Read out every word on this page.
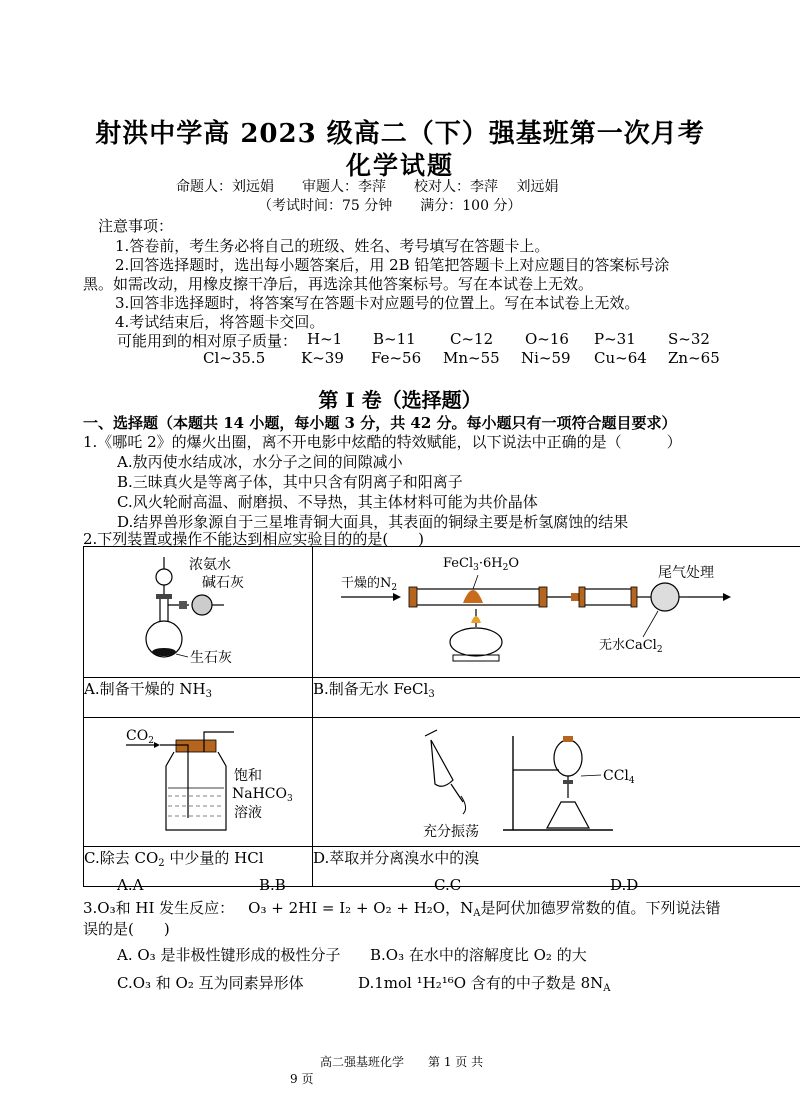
射洪中学高 2023 级高二（下）强基班第一次月考
化学试题
命题人：刘远娟　　审题人：李萍　　校对人：李萍　 刘远娟
（考试时间：75 分钟　　满分：100 分）
注意事项：
1.答卷前，考生务必将自己的班级、姓名、考号填写在答题卡上。
2.回答选择题时，选出每小题答案后，用 2B 铅笔把答题卡上对应题目的答案标号涂
黑。如需改动，用橡皮擦干净后，再选涂其他答案标号。写在本试卷上无效。
3.回答非选择题时，将答案写在答题卡对应题号的位置上。写在本试卷上无效。
4.考试结束后，将答题卡交回。
可能用到的相对原子质量： H~1 B~11 C~12 O~16 P~31 S~32
Cl~35.5 K~39 Fe~56 Mn~55 Ni~59 Cu~64 Zn~65
第 I 卷（选择题）
一、选择题（本题共 14 小题，每小题 3 分，共 42 分。每小题只有一项符合题目要求）
1.《哪吒 2》的爆火出圈，离不开电影中炫酷的特效赋能，以下说法中正确的是（　　　）
A.敖丙使水结成冰，水分子之间的间隙减小
B.三昧真火是等离子体，其中只含有阴离子和阳离子
C.风火轮耐高温、耐磨损、不导热，其主体材料可能为共价晶体
D.结界兽形象源自于三星堆青铜大面具，其表面的铜绿主要是析氢腐蚀的结果
2.下列装置或操作不能达到相应实验目的的是(　　)
浓氨水
碱石灰
生石灰	干燥的$N_2$
$FeCl_3\cdot 6H_2O$
尾气处理
无水CaCl$_2$

A.制备干燥的 $NH_3$	B.制备无水 FeCl$_3$

$CO_2$
饱和
NaHCO$_3$
溶液	充分振荡
CCl$_4$

C.除去 $CO_2$ 中少量的 HCl	D.萃取并分离溴水中的溴
A.A	B.B	C.C	D.D
3.O₃和 HI 发生反应： O₃ + 2HI = I₂ + O₂ + H₂O，$N_A$是阿伏加德罗常数的值。下列说法错
误的是(　　)
A. O₃ 是非极性键形成的极性分子 B.O₃ 在水中的溶解度比 O₂ 的大
C.O₃ 和 O₂ 互为同素异形体	D.1mol ¹H₂¹⁶O 含有的中子数是 $8N_A$
高二强基班化学　　第 1 页 共
9 页
